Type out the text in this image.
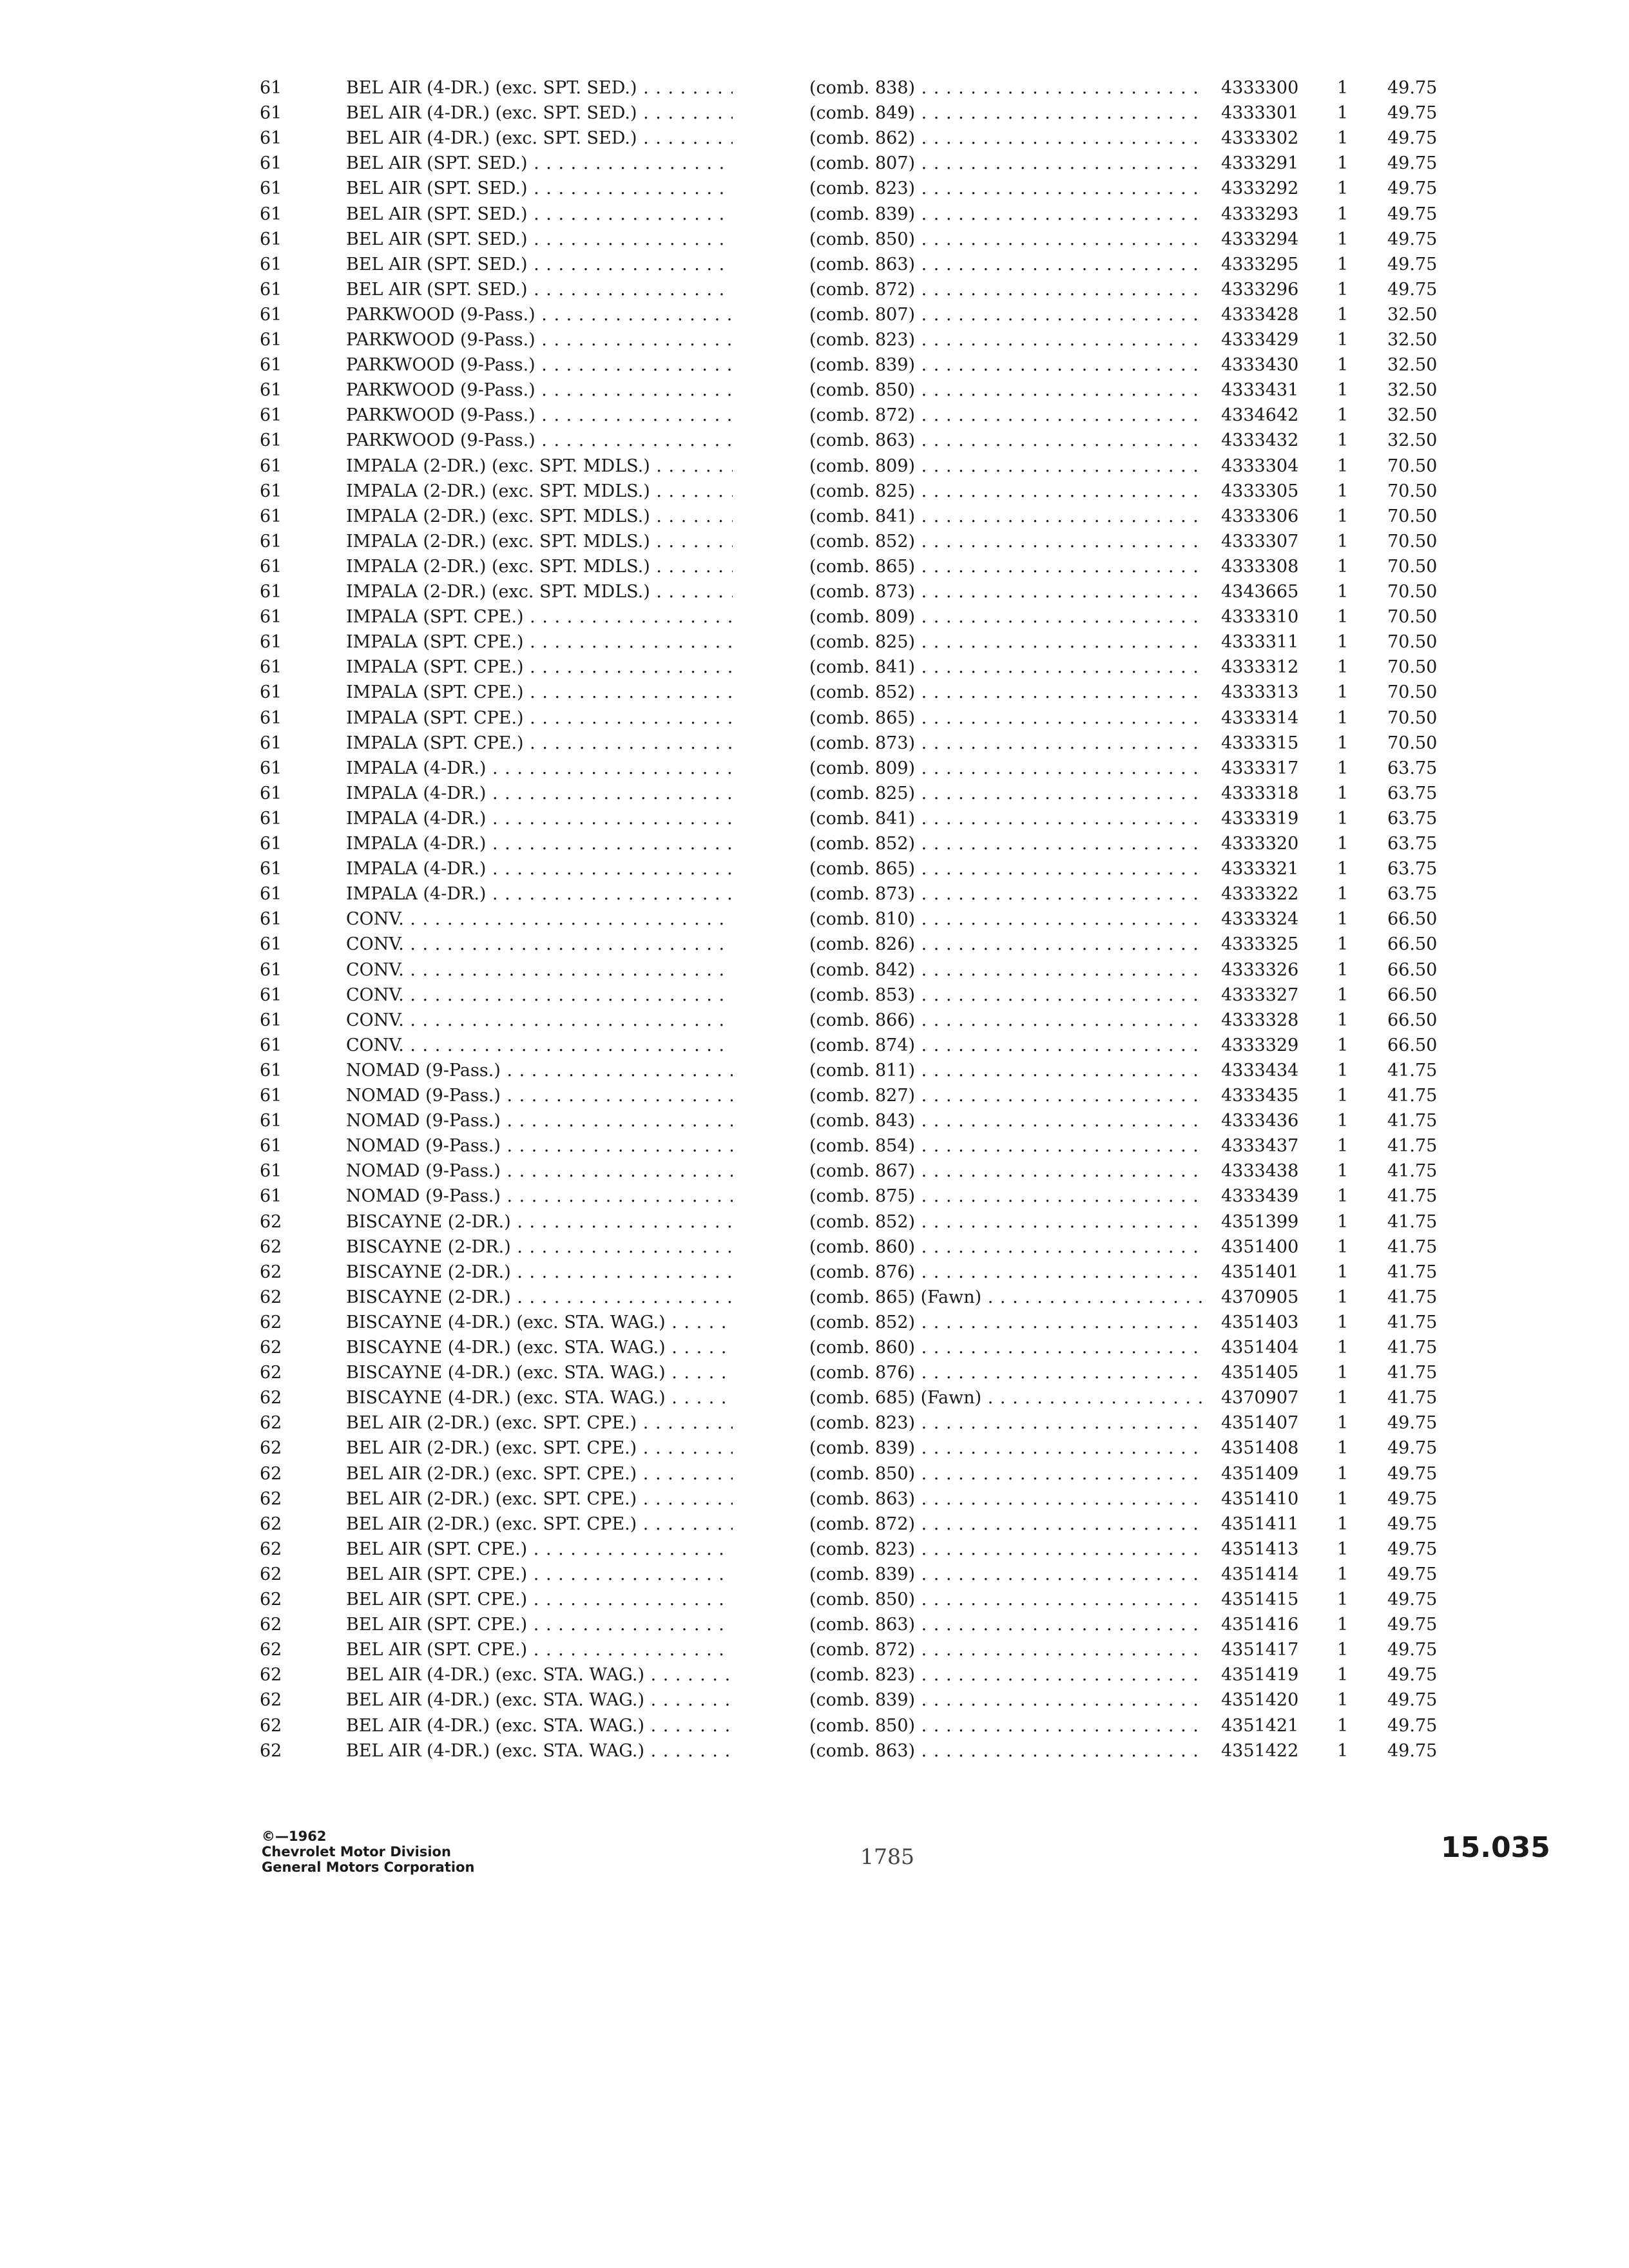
61	BEL AIR (4-DR.) (exc. SPT. SED.) . . .	(comb. 838) . . .	4333300	1	49.75
61	BEL AIR (4-DR.) (exc. SPT. SED.) . . .	(comb. 849) . . .	4333301	1	49.75
61	BEL AIR (4-DR.) (exc. SPT. SED.) . . .	(comb. 862) . . .	4333302	1	49.75
61	BEL AIR (SPT. SED.) . . .	(comb. 807) . . .	4333291	1	49.75
61	BEL AIR (SPT. SED.) . . .	(comb. 823) . . .	4333292	1	49.75
61	BEL AIR (SPT. SED.) . . .	(comb. 839) . . .	4333293	1	49.75
61	BEL AIR (SPT. SED.) . . .	(comb. 850) . . .	4333294	1	49.75
61	BEL AIR (SPT. SED.) . . .	(comb. 863) . . .	4333295	1	49.75
61	BEL AIR (SPT. SED.) . . .	(comb. 872) . . .	4333296	1	49.75
61	PARKWOOD (9-Pass.) . . .	(comb. 807) . . .	4333428	1	32.50
61	PARKWOOD (9-Pass.) . . .	(comb. 823) . . .	4333429	1	32.50
61	PARKWOOD (9-Pass.) . . .	(comb. 839) . . .	4333430	1	32.50
61	PARKWOOD (9-Pass.) . . .	(comb. 850) . . .	4333431	1	32.50
61	PARKWOOD (9-Pass.) . . .	(comb. 872) . . .	4334642	1	32.50
61	PARKWOOD (9-Pass.) . . .	(comb. 863) . . .	4333432	1	32.50
61	IMPALA (2-DR.) (exc. SPT. MDLS.) . . .	(comb. 809) . . .	4333304	1	70.50
61	IMPALA (2-DR.) (exc. SPT. MDLS.) . . .	(comb. 825) . . .	4333305	1	70.50
61	IMPALA (2-DR.) (exc. SPT. MDLS.) . . .	(comb. 841) . . .	4333306	1	70.50
61	IMPALA (2-DR.) (exc. SPT. MDLS.) . . .	(comb. 852) . . .	4333307	1	70.50
61	IMPALA (2-DR.) (exc. SPT. MDLS.) . . .	(comb. 865) . . .	4333308	1	70.50
61	IMPALA (2-DR.) (exc. SPT. MDLS.) . . .	(comb. 873) . . .	4343665	1	70.50
61	IMPALA (SPT. CPE.) . . .	(comb. 809) . . .	4333310	1	70.50
61	IMPALA (SPT. CPE.) . . .	(comb. 825) . . .	4333311	1	70.50
61	IMPALA (SPT. CPE.) . . .	(comb. 841) . . .	4333312	1	70.50
61	IMPALA (SPT. CPE.) . . .	(comb. 852) . . .	4333313	1	70.50
61	IMPALA (SPT. CPE.) . . .	(comb. 865) . . .	4333314	1	70.50
61	IMPALA (SPT. CPE.) . . .	(comb. 873) . . .	4333315	1	70.50
61	IMPALA (4-DR.) . . .	(comb. 809) . . .	4333317	1	63.75
61	IMPALA (4-DR.) . . .	(comb. 825) . . .	4333318	1	63.75
61	IMPALA (4-DR.) . . .	(comb. 841) . . .	4333319	1	63.75
61	IMPALA (4-DR.) . . .	(comb. 852) . . .	4333320	1	63.75
61	IMPALA (4-DR.) . . .	(comb. 865) . . .	4333321	1	63.75
61	IMPALA (4-DR.) . . .	(comb. 873) . . .	4333322	1	63.75
61	CONV. . . .	(comb. 810) . . .	4333324	1	66.50
61	CONV. . . .	(comb. 826) . . .	4333325	1	66.50
61	CONV. . . .	(comb. 842) . . .	4333326	1	66.50
61	CONV. . . .	(comb. 853) . . .	4333327	1	66.50
61	CONV. . . .	(comb. 866) . . .	4333328	1	66.50
61	CONV. . . .	(comb. 874) . . .	4333329	1	66.50
61	NOMAD (9-Pass.) . . .	(comb. 811) . . .	4333434	1	41.75
61	NOMAD (9-Pass.) . . .	(comb. 827) . . .	4333435	1	41.75
61	NOMAD (9-Pass.) . . .	(comb. 843) . . .	4333436	1	41.75
61	NOMAD (9-Pass.) . . .	(comb. 854) . . .	4333437	1	41.75
61	NOMAD (9-Pass.) . . .	(comb. 867) . . .	4333438	1	41.75
61	NOMAD (9-Pass.) . . .	(comb. 875) . . .	4333439	1	41.75
62	BISCAYNE (2-DR.) . . .	(comb. 852) . . .	4351399	1	41.75
62	BISCAYNE (2-DR.) . . .	(comb. 860) . . .	4351400	1	41.75
62	BISCAYNE (2-DR.) . . .	(comb. 876) . . .	4351401	1	41.75
62	BISCAYNE (2-DR.) . . .	(comb. 865) (Fawn) . . .	4370905	1	41.75
62	BISCAYNE (4-DR.) (exc. STA. WAG.) . . .	(comb. 852) . . .	4351403	1	41.75
62	BISCAYNE (4-DR.) (exc. STA. WAG.) . . .	(comb. 860) . . .	4351404	1	41.75
62	BISCAYNE (4-DR.) (exc. STA. WAG.) . . .	(comb. 876) . . .	4351405	1	41.75
62	BISCAYNE (4-DR.) (exc. STA. WAG.) . . .	(comb. 685) (Fawn) . . .	4370907	1	41.75
62	BEL AIR (2-DR.) (exc. SPT. CPE.) . . .	(comb. 823) . . .	4351407	1	49.75
62	BEL AIR (2-DR.) (exc. SPT. CPE.) . . .	(comb. 839) . . .	4351408	1	49.75
62	BEL AIR (2-DR.) (exc. SPT. CPE.) . . .	(comb. 850) . . .	4351409	1	49.75
62	BEL AIR (2-DR.) (exc. SPT. CPE.) . . .	(comb. 863) . . .	4351410	1	49.75
62	BEL AIR (2-DR.) (exc. SPT. CPE.) . . .	(comb. 872) . . .	4351411	1	49.75
62	BEL AIR (SPT. CPE.) . . .	(comb. 823) . . .	4351413	1	49.75
62	BEL AIR (SPT. CPE.) . . .	(comb. 839) . . .	4351414	1	49.75
62	BEL AIR (SPT. CPE.) . . .	(comb. 850) . . .	4351415	1	49.75
62	BEL AIR (SPT. CPE.) . . .	(comb. 863) . . .	4351416	1	49.75
62	BEL AIR (SPT. CPE.) . . .	(comb. 872) . . .	4351417	1	49.75
62	BEL AIR (4-DR.) (exc. STA. WAG.) . . .	(comb. 823) . . .	4351419	1	49.75
62	BEL AIR (4-DR.) (exc. STA. WAG.) . . .	(comb. 839) . . .	4351420	1	49.75
62	BEL AIR (4-DR.) (exc. STA. WAG.) . . .	(comb. 850) . . .	4351421	1	49.75
62	BEL AIR (4-DR.) (exc. STA. WAG.) . . .	(comb. 863) . . .	4351422	1	49.75
©—1962
Chevrolet Motor Division
General Motors Corporation	1785	15.035
